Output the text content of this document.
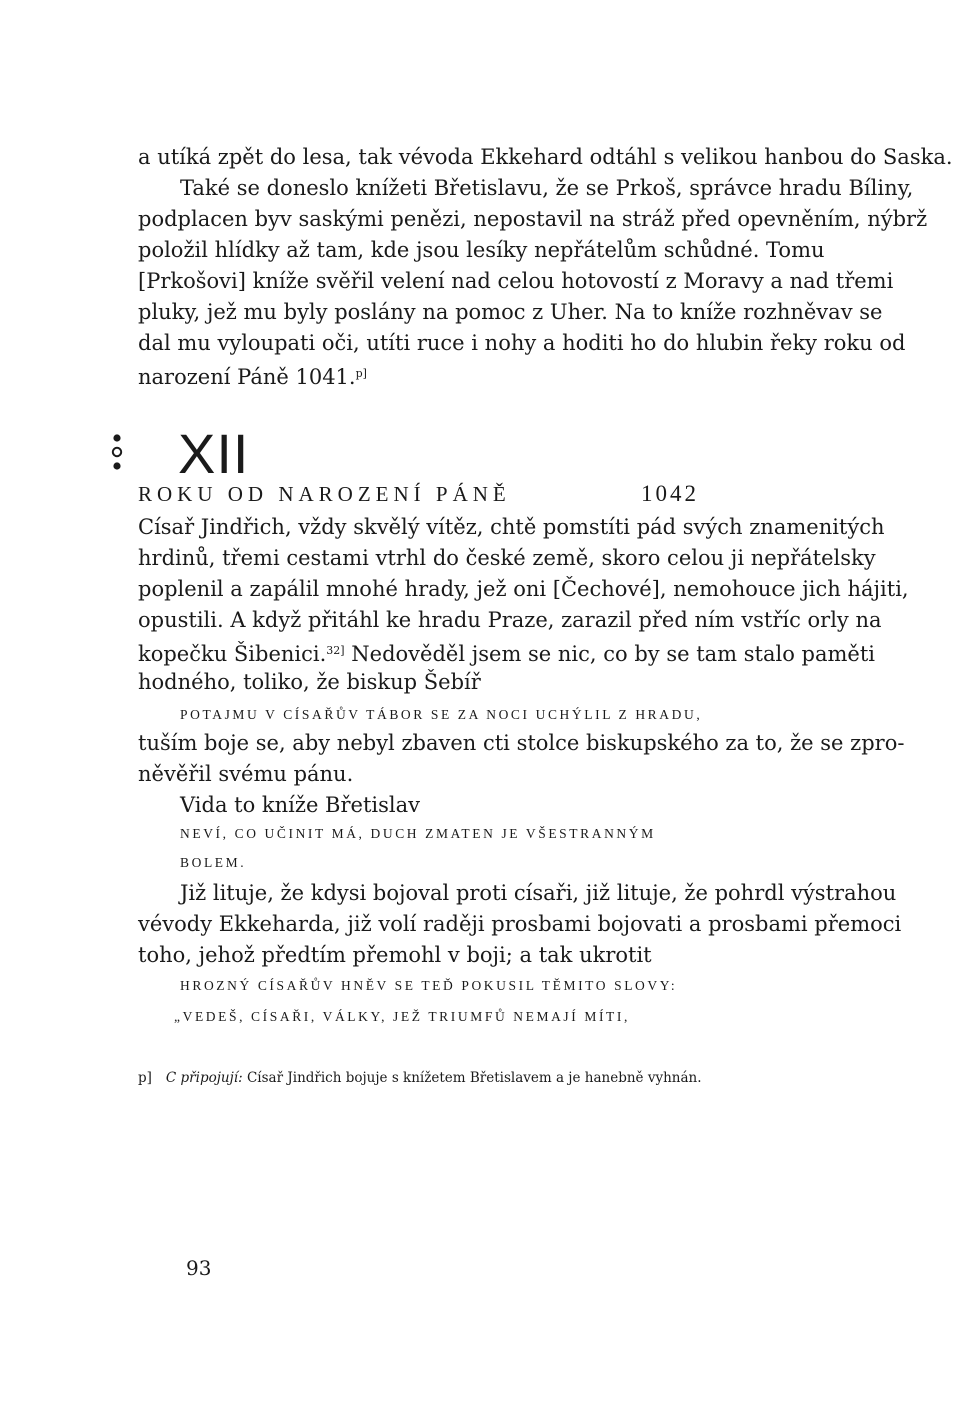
a utíká zpět do lesa, tak vévoda Ekkehard odtáhl s velikou hanbou do Saska.
Také se doneslo knížeti Břetislavu, že se Prkoš, správce hradu Bíliny,
podplacen byv saskými penězi, nepostavil na stráž před opevněním, nýbrž
položil hlídky až tam, kde jsou lesíky nepřátelům schůdné. Tomu
[Prkošovi] kníže svěřil velení nad celou hotovostí z Moravy a nad třemi
pluky, jež mu byly poslány na pomoc z Uher. Na to kníže rozhněvav se
dal mu vyloupati oči, utíti ruce i nohy a hoditi ho do hlubin řeky roku od
narození Páně 1041.$^{p]}$
XII
ROKU OD NAROZENÍ PÁNĚ	1042
Císař Jindřich, vždy skvělý vítěz, chtě pomstíti pád svých znamenitých
hrdinů, třemi cestami vtrhl do české země, skoro celou ji nepřátelsky
poplenil a zapálil mnohé hrady, jež oni [Čechové], nemohouce jich hájiti,
opustili. A když přitáhl ke hradu Praze, zarazil před ním vstříc orly na
kopečku Šibenici.$^{32]}$ Nedověděl jsem se nic, co by se tam stalo paměti
hodného, toliko, že biskup Šebíř
POTAJMU V CÍSAŘŮV TÁBOR SE ZA NOCI UCHÝLIL Z HRADU,
tuším boje se, aby nebyl zbaven cti stolce biskupského za to, že se zpro-
něvěřil svému pánu.
Vida to kníže Břetislav
NEVÍ, CO UČINIT MÁ, DUCH ZMATEN JE VŠESTRANNÝM
BOLEM.
Již lituje, že kdysi bojoval proti císaři, již lituje, že pohrdl výstrahou
vévody Ekkeharda, již volí raději prosbami bojovati a prosbami přemoci
toho, jehož předtím přemohl v boji; a tak ukrotit
HROZNÝ CÍSAŘŮV HNĚV SE TEĎ POKUSIL TĚMITO SLOVY:
„VEDEŠ, CÍSAŘI, VÁLKY, JEŽ TRIUMFŮ NEMAJÍ MÍTI,
p] C připojují: Císař Jindřich bojuje s knížetem Břetislavem a je hanebně vyhnán.
93
